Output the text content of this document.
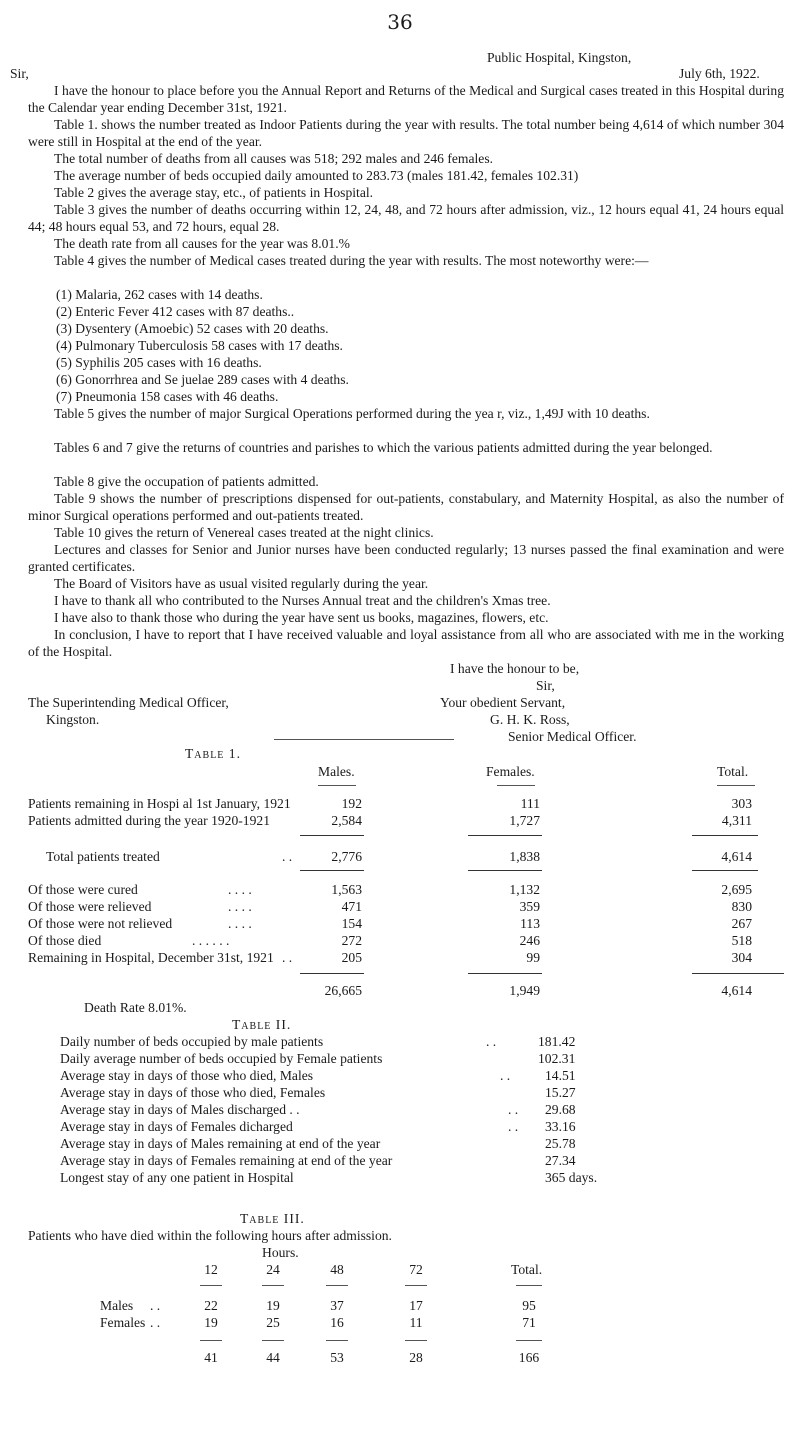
36
Public Hospital, Kingston,
Sir,	July 6th, 1922.
I have the honour to place before you the Annual Report and Returns of the Medical and Surgical cases treated in this Hospital during the Calendar year ending December 31st, 1921.
Table 1. shows the number treated as Indoor Patients during the year with results. The total number being 4,614 of which number 304 were still in Hospital at the end of the year.
The total number of deaths from all causes was 518; 292 males and 246 females.
The average number of beds occupied daily amounted to 283.73 (males 181.42, females 102.31)
Table 2 gives the average stay, etc., of patients in Hospital.
Table 3 gives the number of deaths occurring within 12, 24, 48, and 72 hours after admission, viz., 12 hours equal 41, 24 hours equal 44; 48 hours equal 53, and 72 hours, equal 28.
The death rate from all causes for the year was 8.01.%
Table 4 gives the number of Medical cases treated during the year with results. The most noteworthy were:—
(1) Malaria, 262 cases with 14 deaths.
(2) Enteric Fever 412 cases with 87 deaths..
(3) Dysentery (Amoebic) 52 cases with 20 deaths.
(4) Pulmonary Tuberculosis 58 cases with 17 deaths.
(5) Syphilis 205 cases with 16 deaths.
(6) Gonorrhrea and Se juelae 289 cases with 4 deaths.
(7) Pneumonia 158 cases with 46 deaths.
Table 5 gives the number of major Surgical Operations performed during the yea r, viz., 1,49J with 10 deaths.
Tables 6 and 7 give the returns of countries and parishes to which the various patients admitted during the year belonged.
Table 8 give the occupation of patients admitted.
Table 9 shows the number of prescriptions dispensed for out-patients, constabulary, and Maternity Hospital, as also the number of minor Surgical operations performed and out-patients treated.
Table 10 gives the return of Venereal cases treated at the night clinics.
Lectures and classes for Senior and Junior nurses have been conducted regularly; 13 nurses passed the final examination and were granted certificates.
The Board of Visitors have as usual visited regularly during the year.
I have to thank all who contributed to the Nurses Annual treat and the children's Xmas tree.
I have also to thank those who during the year have sent us books, magazines, flowers, etc.
In conclusion, I have to report that I have received valuable and loyal assistance from all who are associated with me in the working of the Hospital.
I have the honour to be,
Sir,
Your obedient Servant,
G. H. K. Ross,
Senior Medical Officer.
The Superintending Medical Officer,
Kingston.
Table 1.
Males.	Females.	Total.
Patients remaining in Hospi al 1st January, 1921	192	111	303
Patients admitted during the year 1920-1921	2,584	1,727	4,311
Total patients treated	. .	2,776	1,838	4,614
Of those were cured	. . . .	1,563	1,132	2,695
Of those were relieved	. . . .	471	359	830
Of those were not relieved	. . . .	154	113	267
Of those died	. . . . . .	272	246	518
Remaining in Hospital, December 31st, 1921 . .	205	99	304
26,665	1,949	4,614
Death Rate 8.01%.
Table II.
Daily number of beds occupied by male patients	. .	181.42
Daily average number of beds occupied by Female patients	102.31
Average stay in days of those who died, Males	. .	14.51
Average stay in days of those who died, Females	15.27
Average stay in days of Males discharged . .	. . 29.68
Average stay in days of Females dicharged	. . 33.16
Average stay in days of Males remaining at end of the year	25.78
Average stay in days of Females remaining at end of the year	27.34
Longest stay of any one patient in Hospital	365 days.
Table III.
Patients who have died within the following hours after admission.
Hours.
12	24	48	72	Total.
Males . .	22	19	37	17	95
Females . .	19	25	16	11	71
41	44	53	28	166
